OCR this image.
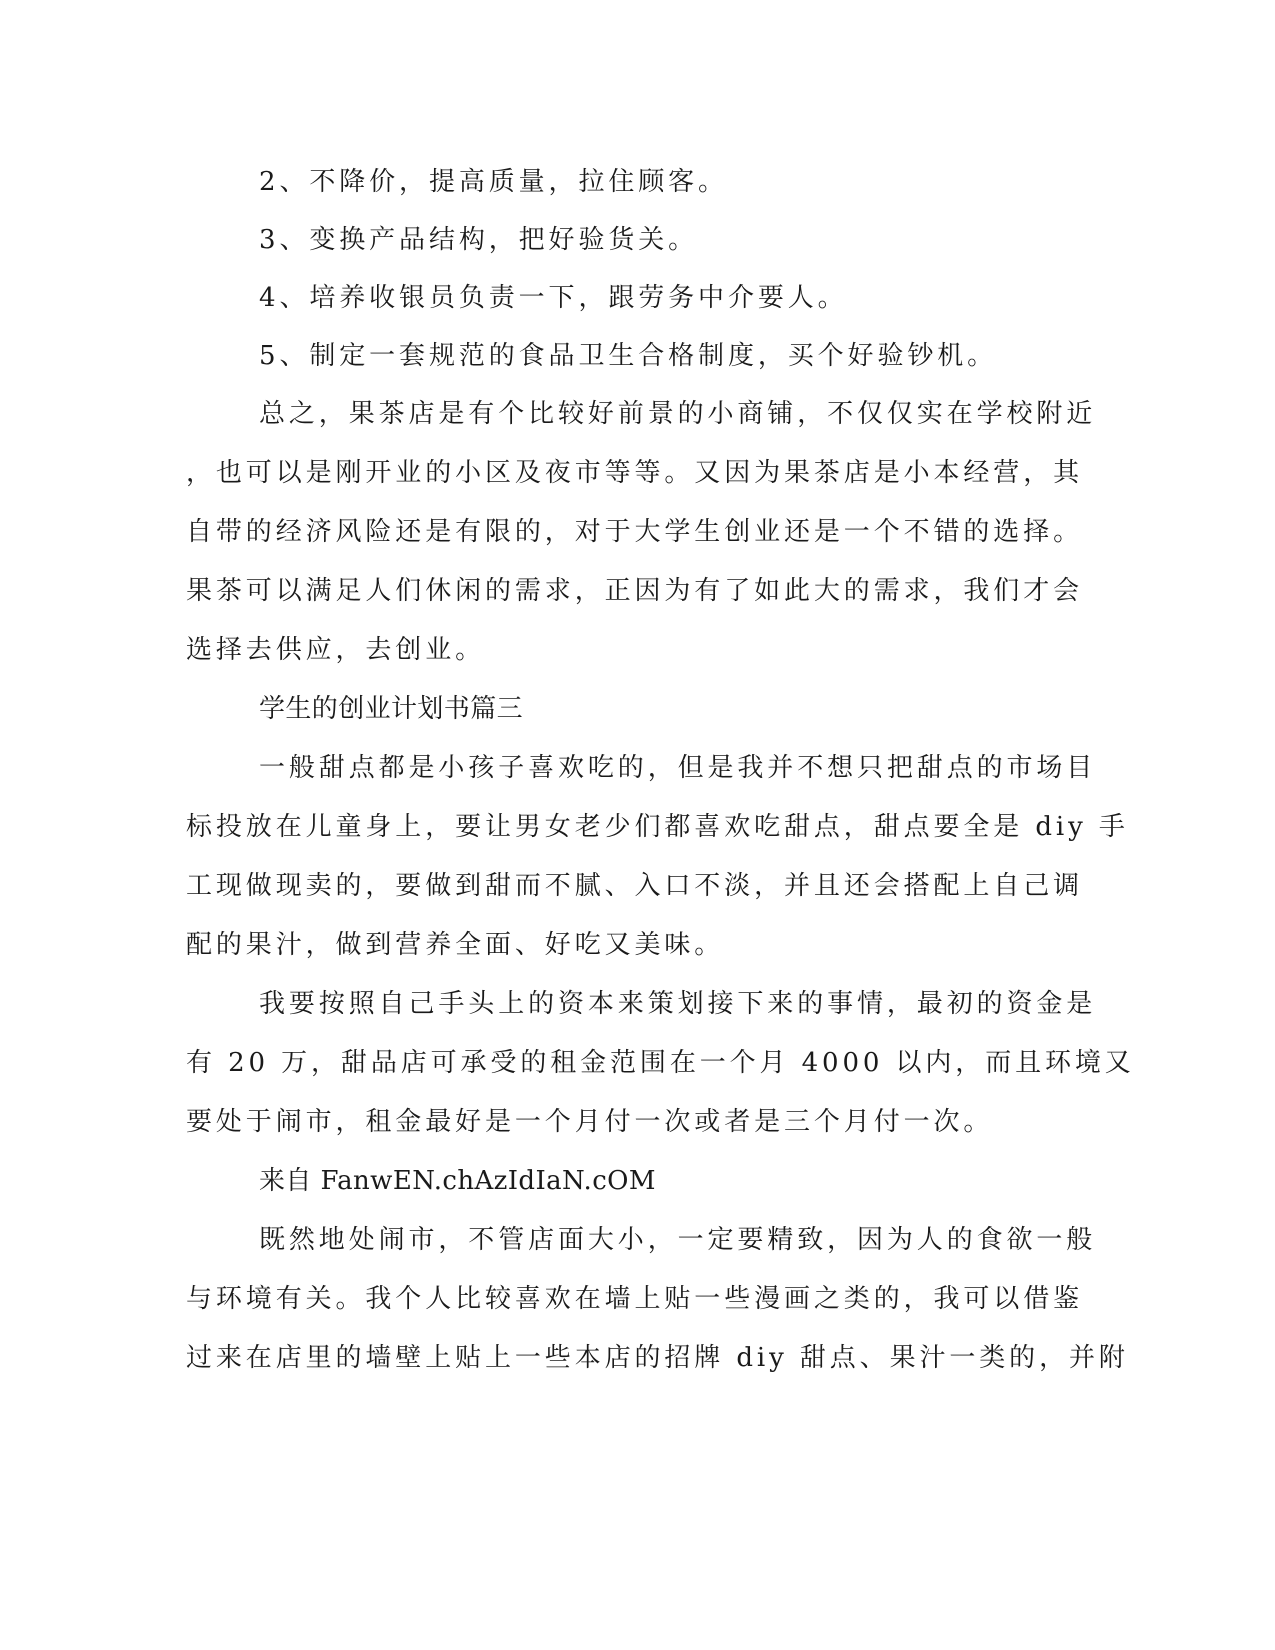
2、不降价，提高质量，拉住顾客。
3、变换产品结构，把好验货关。
4、培养收银员负责一下，跟劳务中介要人。
5、制定一套规范的食品卫生合格制度，买个好验钞机。
总之，果茶店是有个比较好前景的小商铺，不仅仅实在学校附近
，也可以是刚开业的小区及夜市等等。又因为果茶店是小本经营，其
自带的经济风险还是有限的，对于大学生创业还是一个不错的选择。
果茶可以满足人们休闲的需求，正因为有了如此大的需求，我们才会
选择去供应，去创业。
学生的创业计划书篇三
一般甜点都是小孩子喜欢吃的，但是我并不想只把甜点的市场目
标投放在儿童身上，要让男女老少们都喜欢吃甜点，甜点要全是 diy 手
工现做现卖的，要做到甜而不腻、入口不淡，并且还会搭配上自己调
配的果汁，做到营养全面、好吃又美味。
我要按照自己手头上的资本来策划接下来的事情，最初的资金是
有 20 万，甜品店可承受的租金范围在一个月 4000 以内，而且环境又
要处于闹市，租金最好是一个月付一次或者是三个月付一次。
来自 FanwEN.chAzIdIaN.cOM
既然地处闹市，不管店面大小，一定要精致，因为人的食欲一般
与环境有关。我个人比较喜欢在墙上贴一些漫画之类的，我可以借鉴
过来在店里的墙壁上贴上一些本店的招牌 diy 甜点、果汁一类的，并附
